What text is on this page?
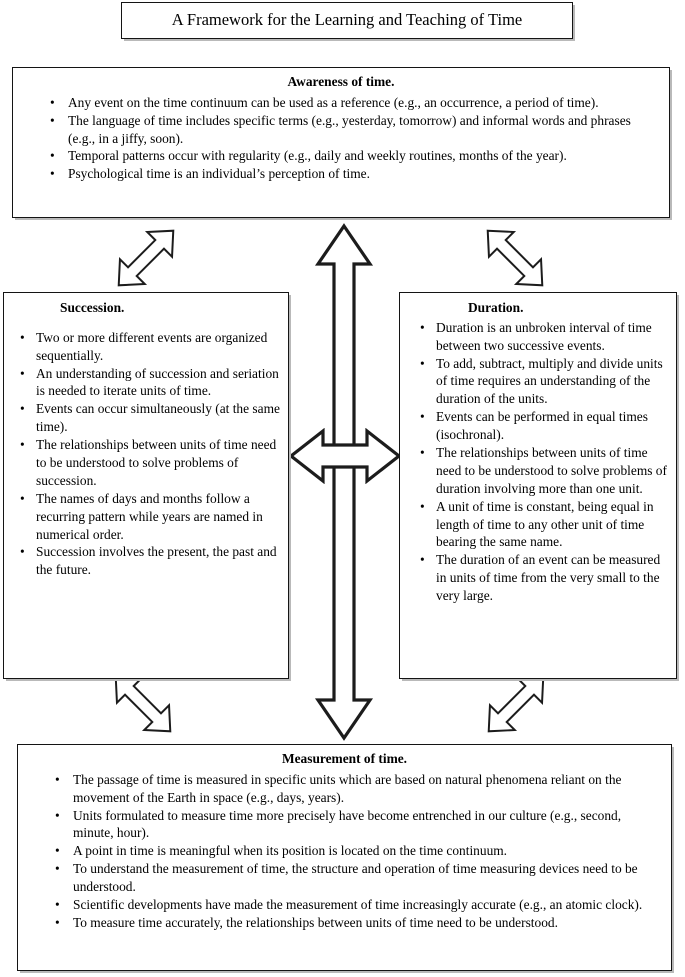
A Framework for the Learning and Teaching of Time
Awareness of time.
• Any event on the time continuum can be used as a reference (e.g., an occurrence, a period of time).
• The language of time includes specific terms (e.g., yesterday, tomorrow) and informal words and phrases (e.g., in a jiffy, soon).
• Temporal patterns occur with regularity (e.g., daily and weekly routines, months of the year).
• Psychological time is an individual’s perception of time.
Succession.
• Two or more different events are organized sequentially.
• An understanding of succession and seriation is needed to iterate units of time.
• Events can occur simultaneously (at the same time).
• The relationships between units of time need to be understood to solve problems of succession.
• The names of days and months follow a recurring pattern while years are named in numerical order.
• Succession involves the present, the past and the future.
Duration.
• Duration is an unbroken interval of time between two successive events.
• To add, subtract, multiply and divide units of time requires an understanding of the duration of the units.
• Events can be performed in equal times (isochronal).
• The relationships between units of time need to be understood to solve problems of duration involving more than one unit.
• A unit of time is constant, being equal in length of time to any other unit of time bearing the same name.
• The duration of an event can be measured in units of time from the very small to the very large.
Measurement of time.
• The passage of time is measured in specific units which are based on natural phenomena reliant on the movement of the Earth in space (e.g., days, years).
• Units formulated to measure time more precisely have become entrenched in our culture (e.g., second, minute, hour).
• A point in time is meaningful when its position is located on the time continuum.
• To understand the measurement of time, the structure and operation of time measuring devices need to be understood.
• Scientific developments have made the measurement of time increasingly accurate (e.g., an atomic clock).
• To measure time accurately, the relationships between units of time need to be understood.
